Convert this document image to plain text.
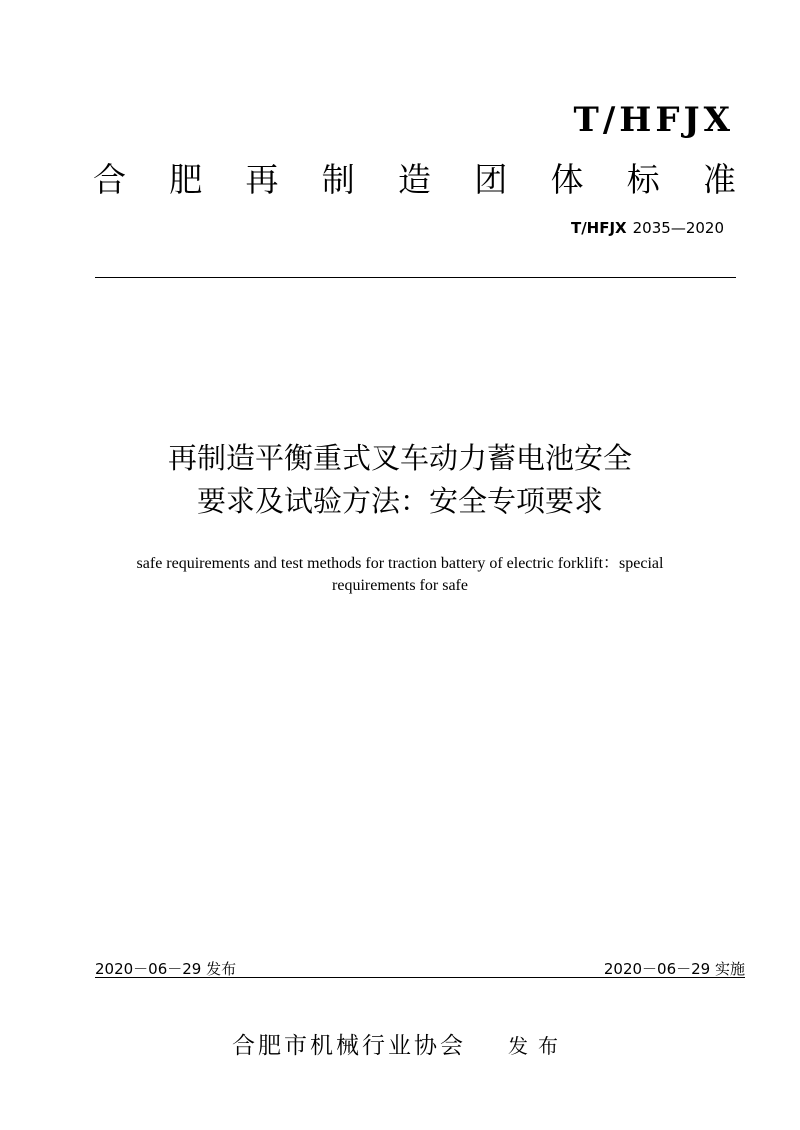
T/HFJX
合 肥 再 制 造 团 体 标 准
T/HFJX 2035—2020
再制造平衡重式叉车动力蓄电池安全
要求及试验方法：安全专项要求
safe requirements and test methods for traction battery of electric forklift：special
requirements for safe
2020－06－29 发布	2020－06－29 实施
合肥市机械行业协会 发布
